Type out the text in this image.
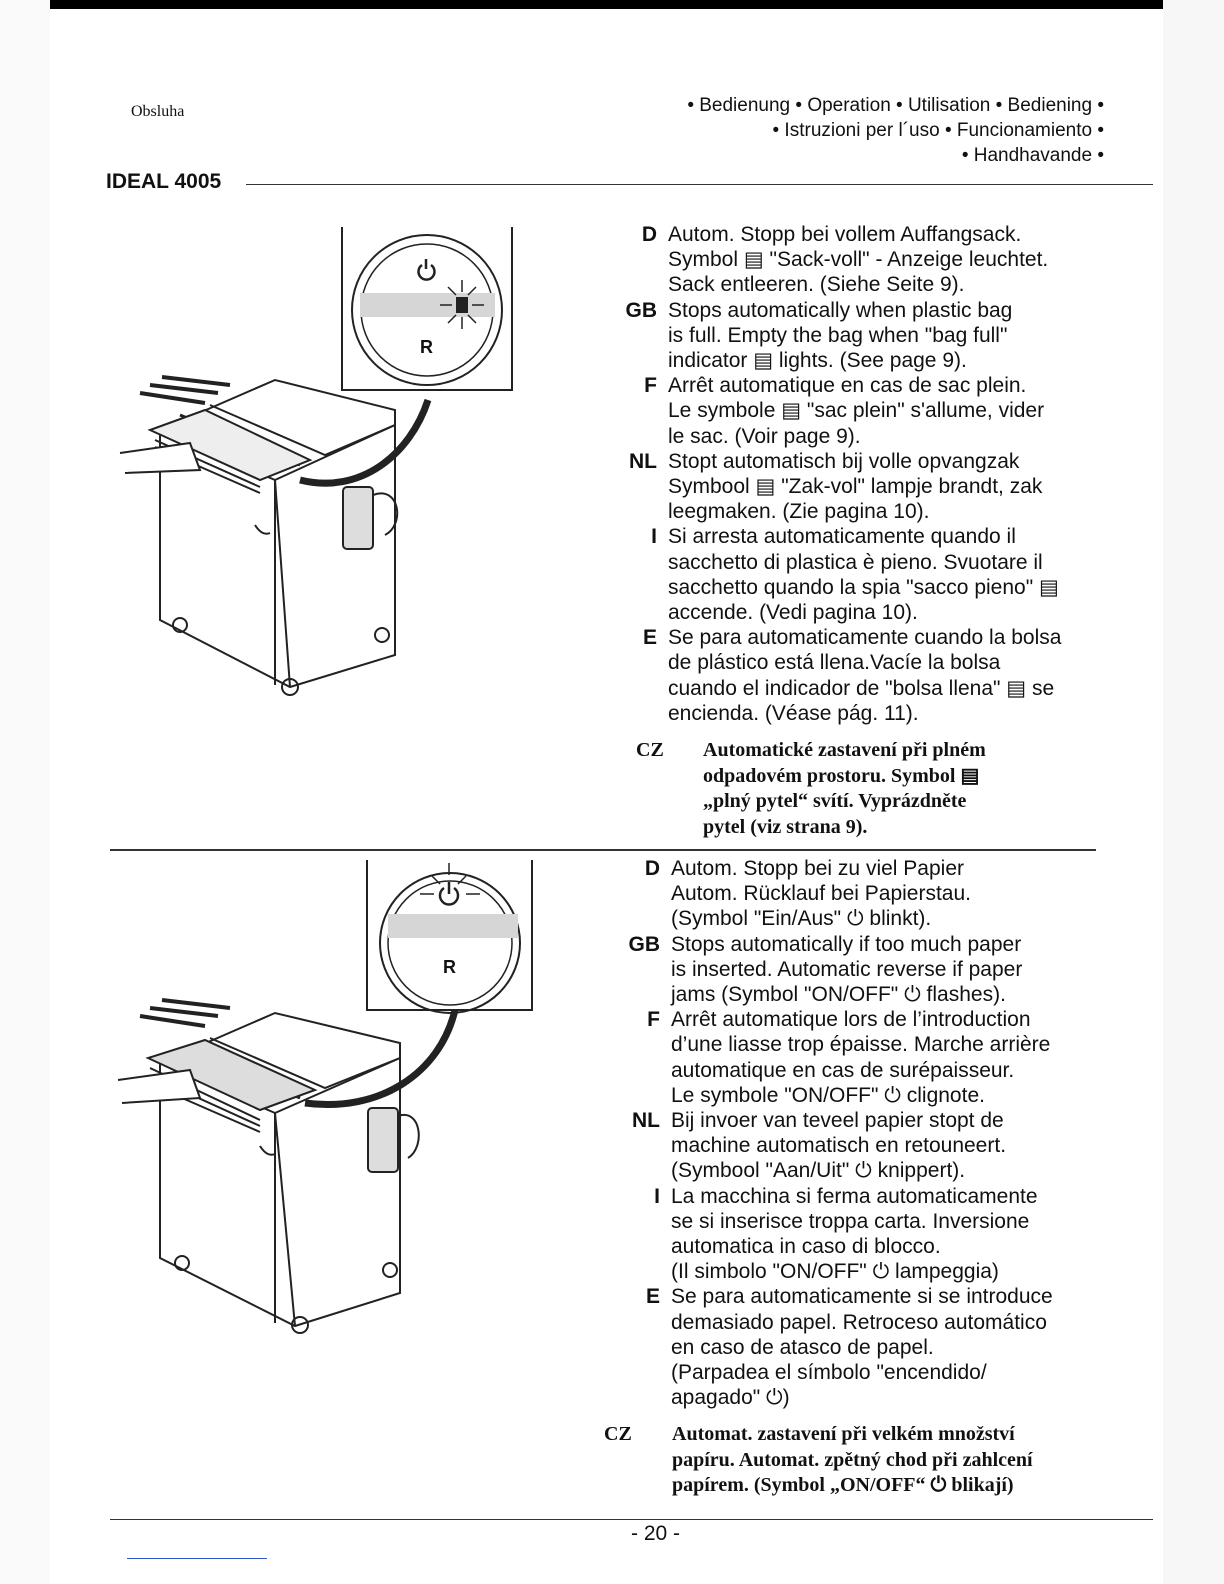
Obsluha	• Bedienung • Operation • Utilisation • Bediening •
• Istruzioni per l´uso • Funcionamiento •
• Handhavande •
IDEAL 4005
R
D Autom. Stopp bei vollem Auffangsack.
Symbol ▤ "Sack-voll" - Anzeige leuchtet.
Sack entleeren. (Siehe Seite 9).
GB Stops automatically when plastic bag
is full. Empty the bag when "bag full"
indicator ▤ lights. (See page 9).
F Arrêt automatique en cas de sac plein.
Le symbole ▤ "sac plein" s'allume, vider
le sac. (Voir page 9).
NL Stopt automatisch bij volle opvangzak
Symbool ▤ "Zak-vol" lampje brandt, zak
leegmaken. (Zie pagina 10).
I Si arresta automaticamente quando il
sacchetto di plastica è pieno. Svuotare il
sacchetto quando la spia "sacco pieno" ▤
accende. (Vedi pagina 10).
E Se para automaticamente cuando la bolsa
de plástico está llena.Vacíe la bolsa
cuando el indicador de "bolsa llena" ▤ se
encienda. (Véase pág. 11).
CZ Automatické zastavení při plném
odpadovém prostoru. Symbol ▤
„plný pytel“ svítí. Vyprázdněte
pytel (viz strana 9).
R
D Autom. Stopp bei zu viel Papier
Autom. Rücklauf bei Papierstau.
(Symbol "Ein/Aus" ⏻ blinkt).
GB Stops automatically if too much paper
is inserted. Automatic reverse if paper
jams (Symbol "ON/OFF" ⏻ flashes).
F Arrêt automatique lors de l’introduction
d’une liasse trop épaisse. Marche arrière
automatique en cas de surépaisseur.
Le symbole "ON/OFF" ⏻ clignote.
NL Bij invoer van teveel papier stopt de
machine automatisch en retouneert.
(Symbool "Aan/Uit" ⏻ knippert).
I La macchina si ferma automaticamente
se si inserisce troppa carta. Inversione
automatica in caso di blocco.
(Il simbolo "ON/OFF" ⏻ lampeggia)
E Se para automaticamente si se introduce
demasiado papel. Retroceso automático
en caso de atasco de papel.
(Parpadea el símbolo "encendido/
apagado" ⏻)
CZ Automat. zastavení při velkém množství
papíru. Automat. zpětný chod při zahlcení
papírem. (Symbol „ON/OFF“ ⏻ blikají)
- 20 -
